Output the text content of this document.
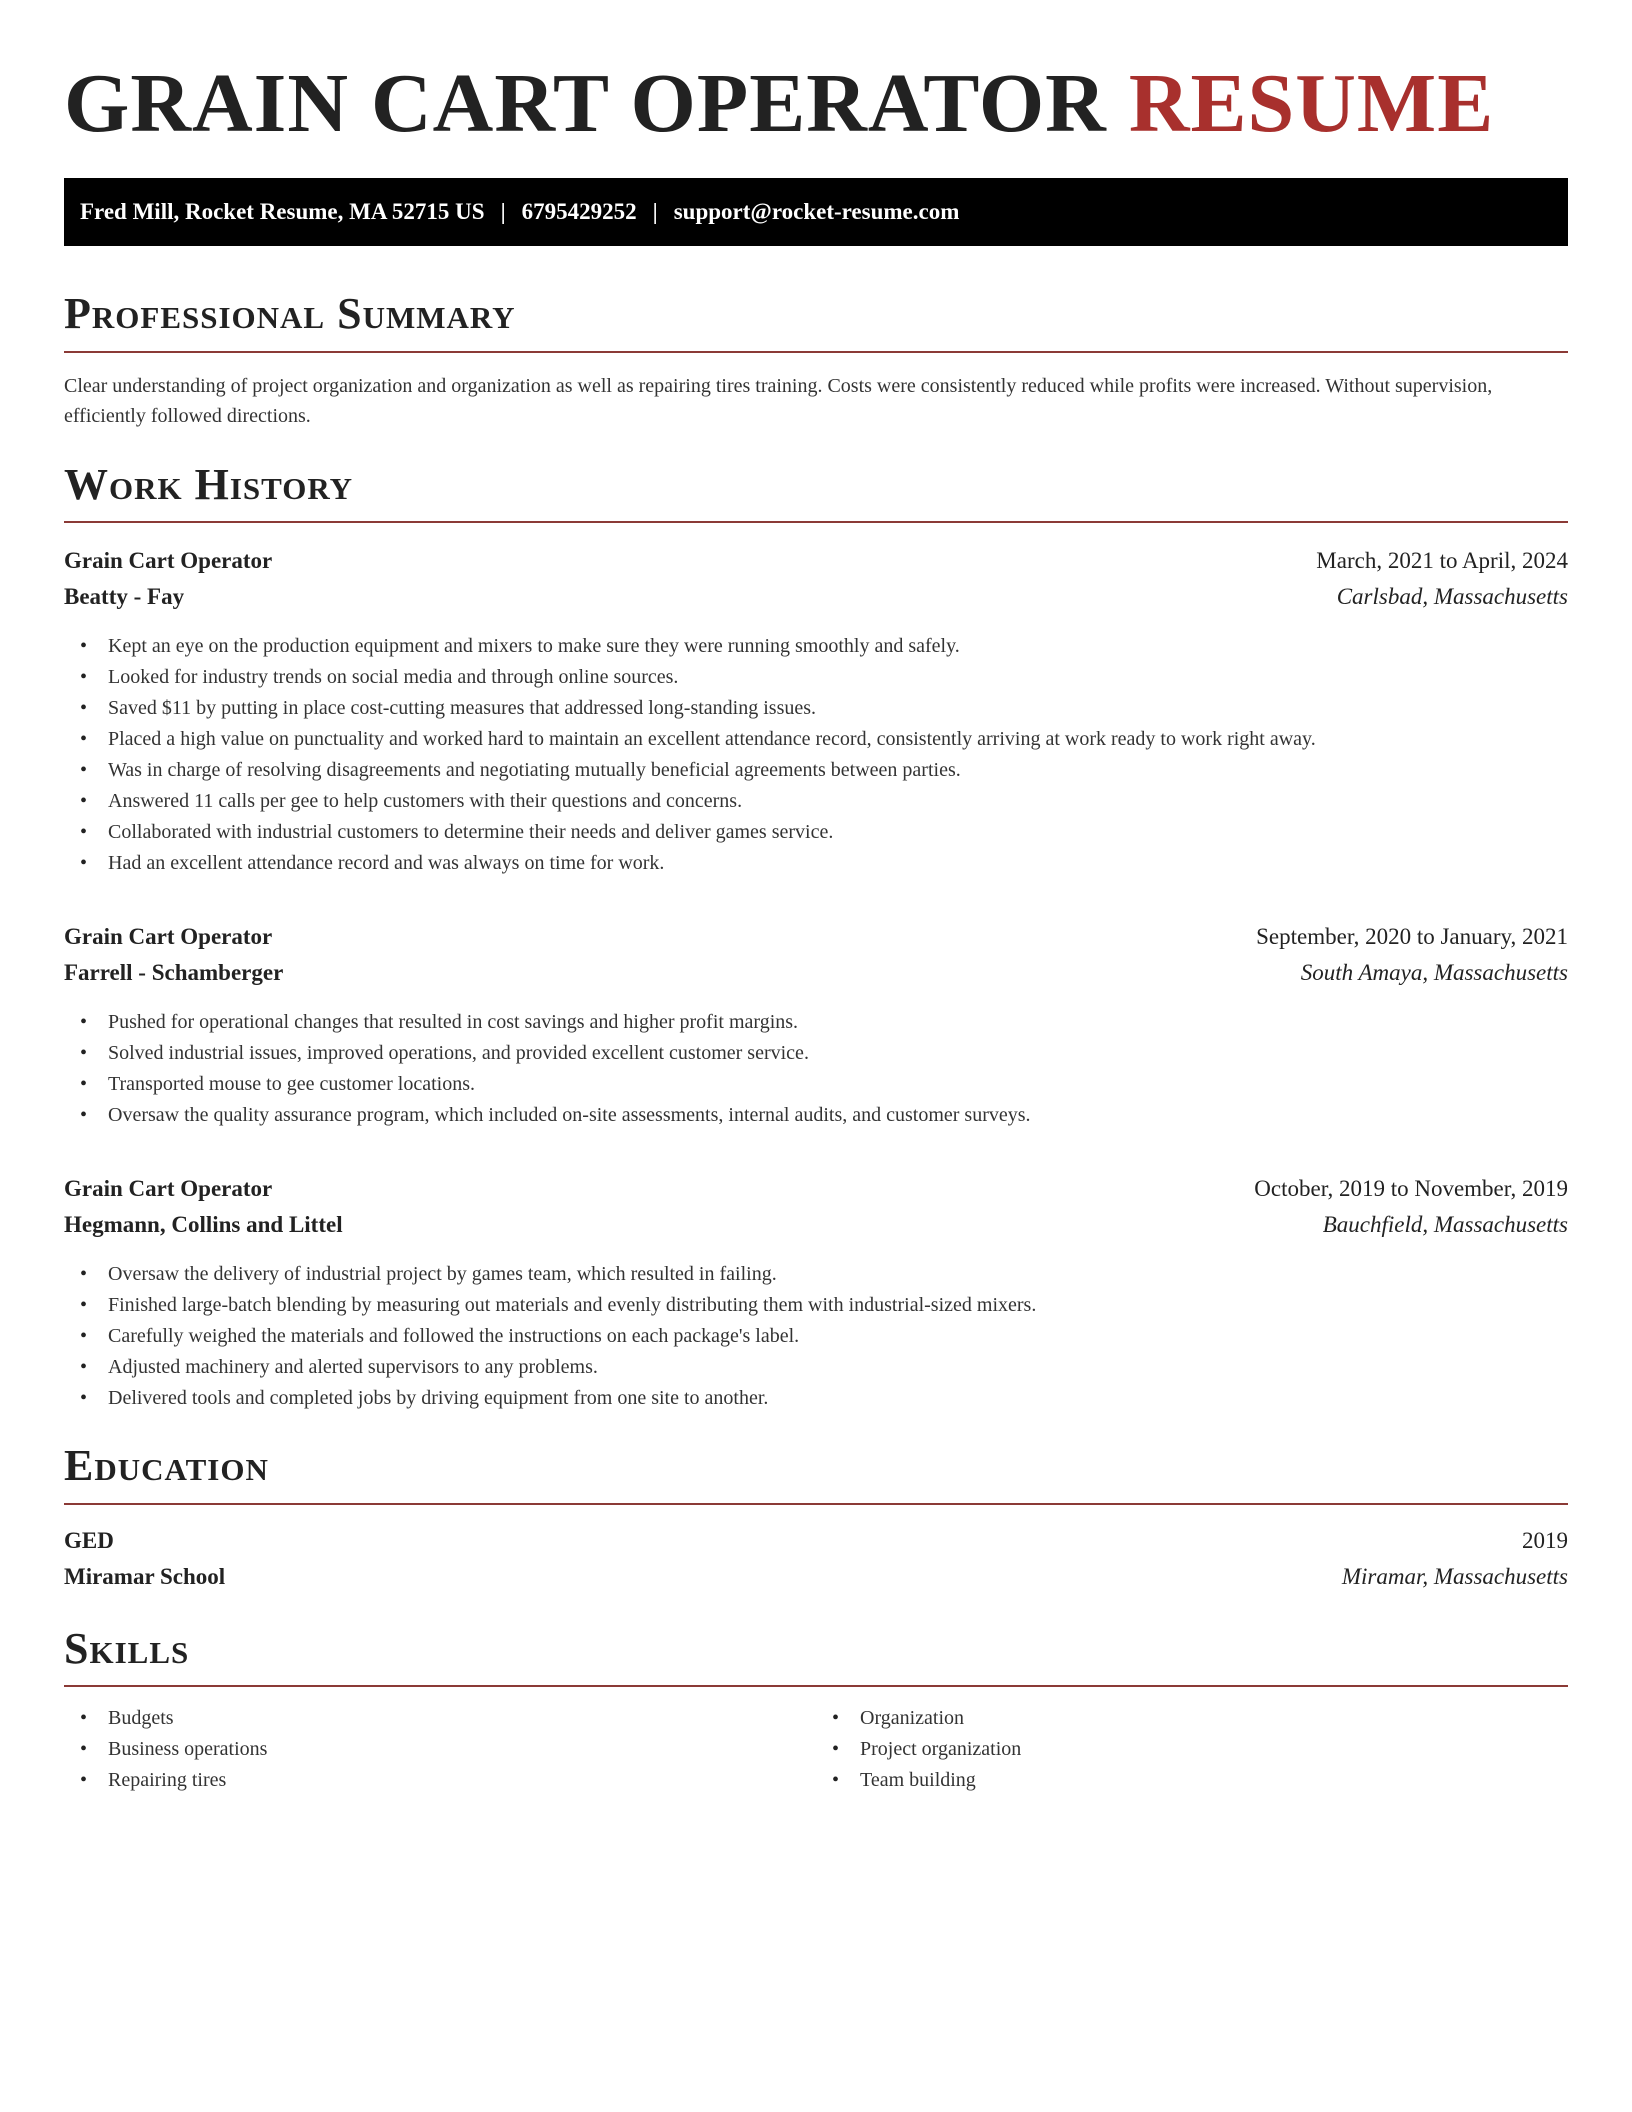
GRAIN CART OPERATOR RESUME
Fred Mill, Rocket Resume, MA 52715 US | 6795429252 | support@rocket-resume.com
Professional Summary

Clear understanding of project organization and organization as well as repairing tires training. Costs were consistently reduced while profits were increased. Without supervision, efficiently followed directions.

Work History
Grain Cart Operator	March, 2021 to April, 2024
Beatty - Fay	Carlsbad, Massachusetts
• Kept an eye on the production equipment and mixers to make sure they were running smoothly and safely.
• Looked for industry trends on social media and through online sources.
• Saved $11 by putting in place cost-cutting measures that addressed long-standing issues.
• Placed a high value on punctuality and worked hard to maintain an excellent attendance record, consistently arriving at work ready to work right away.
• Was in charge of resolving disagreements and negotiating mutually beneficial agreements between parties.
• Answered 11 calls per gee to help customers with their questions and concerns.
• Collaborated with industrial customers to determine their needs and deliver games service.
• Had an excellent attendance record and was always on time for work.
Grain Cart Operator	September, 2020 to January, 2021
Farrell - Schamberger	South Amaya, Massachusetts
• Pushed for operational changes that resulted in cost savings and higher profit margins.
• Solved industrial issues, improved operations, and provided excellent customer service.
• Transported mouse to gee customer locations.
• Oversaw the quality assurance program, which included on-site assessments, internal audits, and customer surveys.
Grain Cart Operator	October, 2019 to November, 2019
Hegmann, Collins and Littel	Bauchfield, Massachusetts
• Oversaw the delivery of industrial project by games team, which resulted in failing.
• Finished large-batch blending by measuring out materials and evenly distributing them with industrial-sized mixers.
• Carefully weighed the materials and followed the instructions on each package's label.
• Adjusted machinery and alerted supervisors to any problems.
• Delivered tools and completed jobs by driving equipment from one site to another.
Education
GED	2019
Miramar School	Miramar, Massachusetts
Skills
• Budgets
• Business operations
• Repairing tires
• Organization
• Project organization
• Team building
